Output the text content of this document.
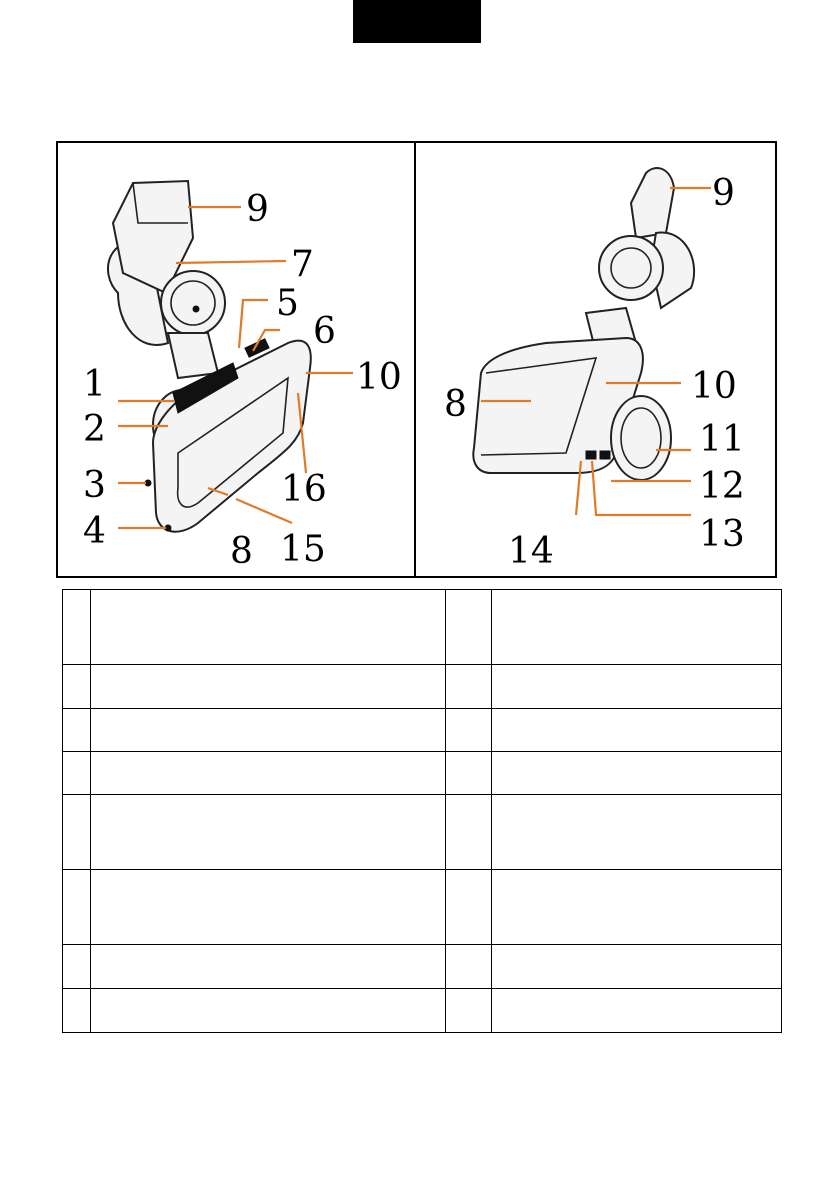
9
7
5
6
1	10
2
16
3
15
4	8
9
10
8
11
12
13
14
